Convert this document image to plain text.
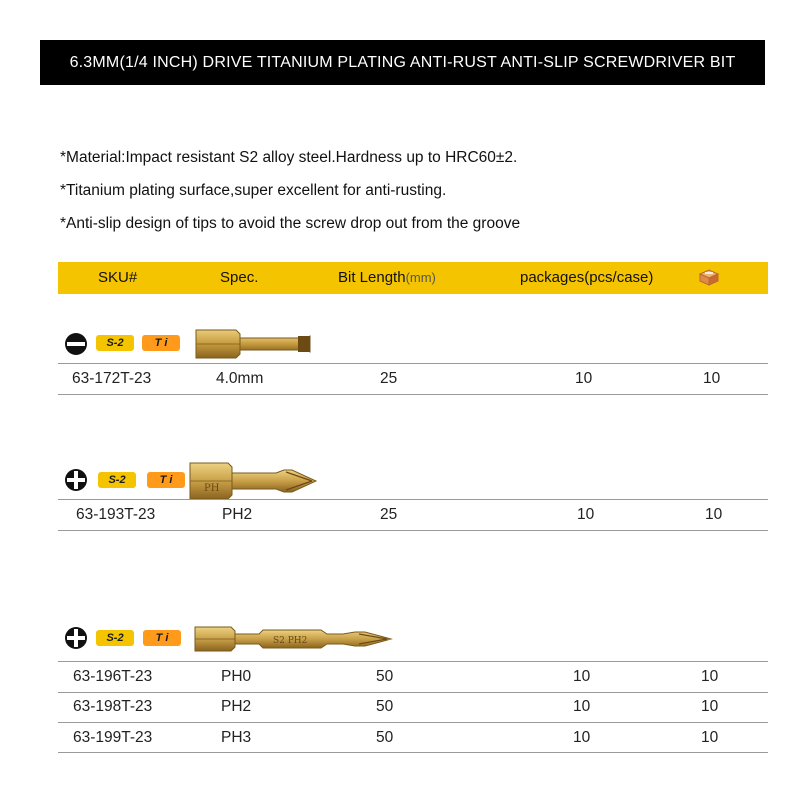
6.3MM(1/4 INCH) DRIVE TITANIUM PLATING ANTI-RUST ANTI-SLIP SCREWDRIVER BIT
*Material:Impact resistant S2 alloy steel.Hardness up to HRC60±2.
*Titanium plating surface,super excellent for anti-rusting.
*Anti-slip design of tips to avoid the screw drop out from the groove
SKU#	Spec.	Bit Length(mm)	packages(pcs/case)
S-2	T i
63-172T-23	4.0mm	25	10	10
S-2	T i
PH
63-193T-23	PH2	25	10	10
S-2	T i	S2 PH2
63-196T-23	PH0	50	10	10
63-198T-23	PH2	50	10	10
63-199T-23	PH3	50	10	10
